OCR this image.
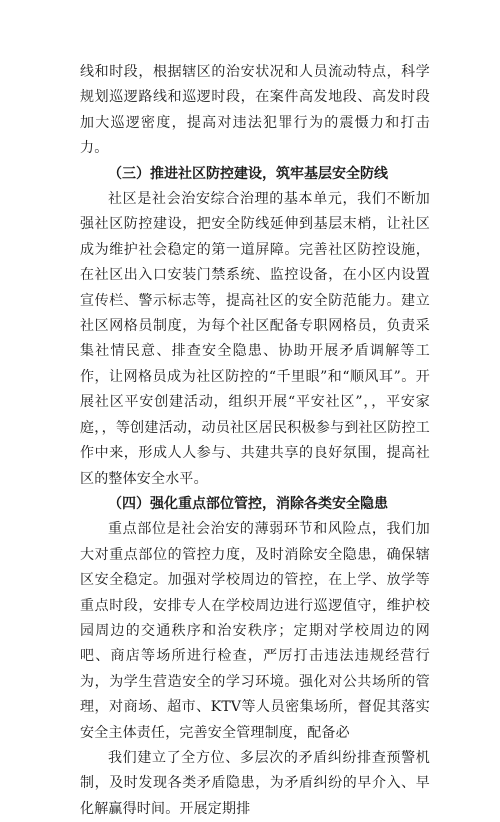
线和时段，根据辖区的治安状况和人员流动特点，科学规划巡逻路线和巡逻时段，在案件高发地段、高发时段加大巡逻密度，提高对违法犯罪行为的震慑力和打击力。

（三）推进社区防控建设，筑牢基层安全防线

社区是社会治安综合治理的基本单元，我们不断加强社区防控建设，把安全防线延伸到基层末梢，让社区成为维护社会稳定的第一道屏障。完善社区防控设施，在社区出入口安装门禁系统、监控设备，在小区内设置宣传栏、警示标志等，提高社区的安全防范能力。建立社区网格员制度，为每个社区配备专职网格员，负责采集社情民意、排查安全隐患、协助开展矛盾调解等工作，让网格员成为社区防控的“千里眼”和“顺风耳”。开展社区平安创建活动，组织开展“平安社区”，，平安家庭，，等创建活动，动员社区居民积极参与到社区防控工作中来，形成人人参与、共建共享的良好氛围，提高社区的整体安全水平。

（四）强化重点部位管控，消除各类安全隐患

重点部位是社会治安的薄弱环节和风险点，我们加大对重点部位的管控力度，及时消除安全隐患，确保辖区安全稳定。加强对学校周边的管控，在上学、放学等重点时段，安排专人在学校周边进行巡逻值守，维护校园周边的交通秩序和治安秩序；定期对学校周边的网吧、商店等场所进行检查，严厉打击违法违规经营行为，为学生营造安全的学习环境。强化对公共场所的管理，对商场、超市、KTV等人员密集场所，督促其落实安全主体责任，完善安全管理制度，配备必

我们建立了全方位、多层次的矛盾纠纷排查预警机制，及时发现各类矛盾隐患，为矛盾纠纷的早介入、早化解赢得时间。开展定期排
